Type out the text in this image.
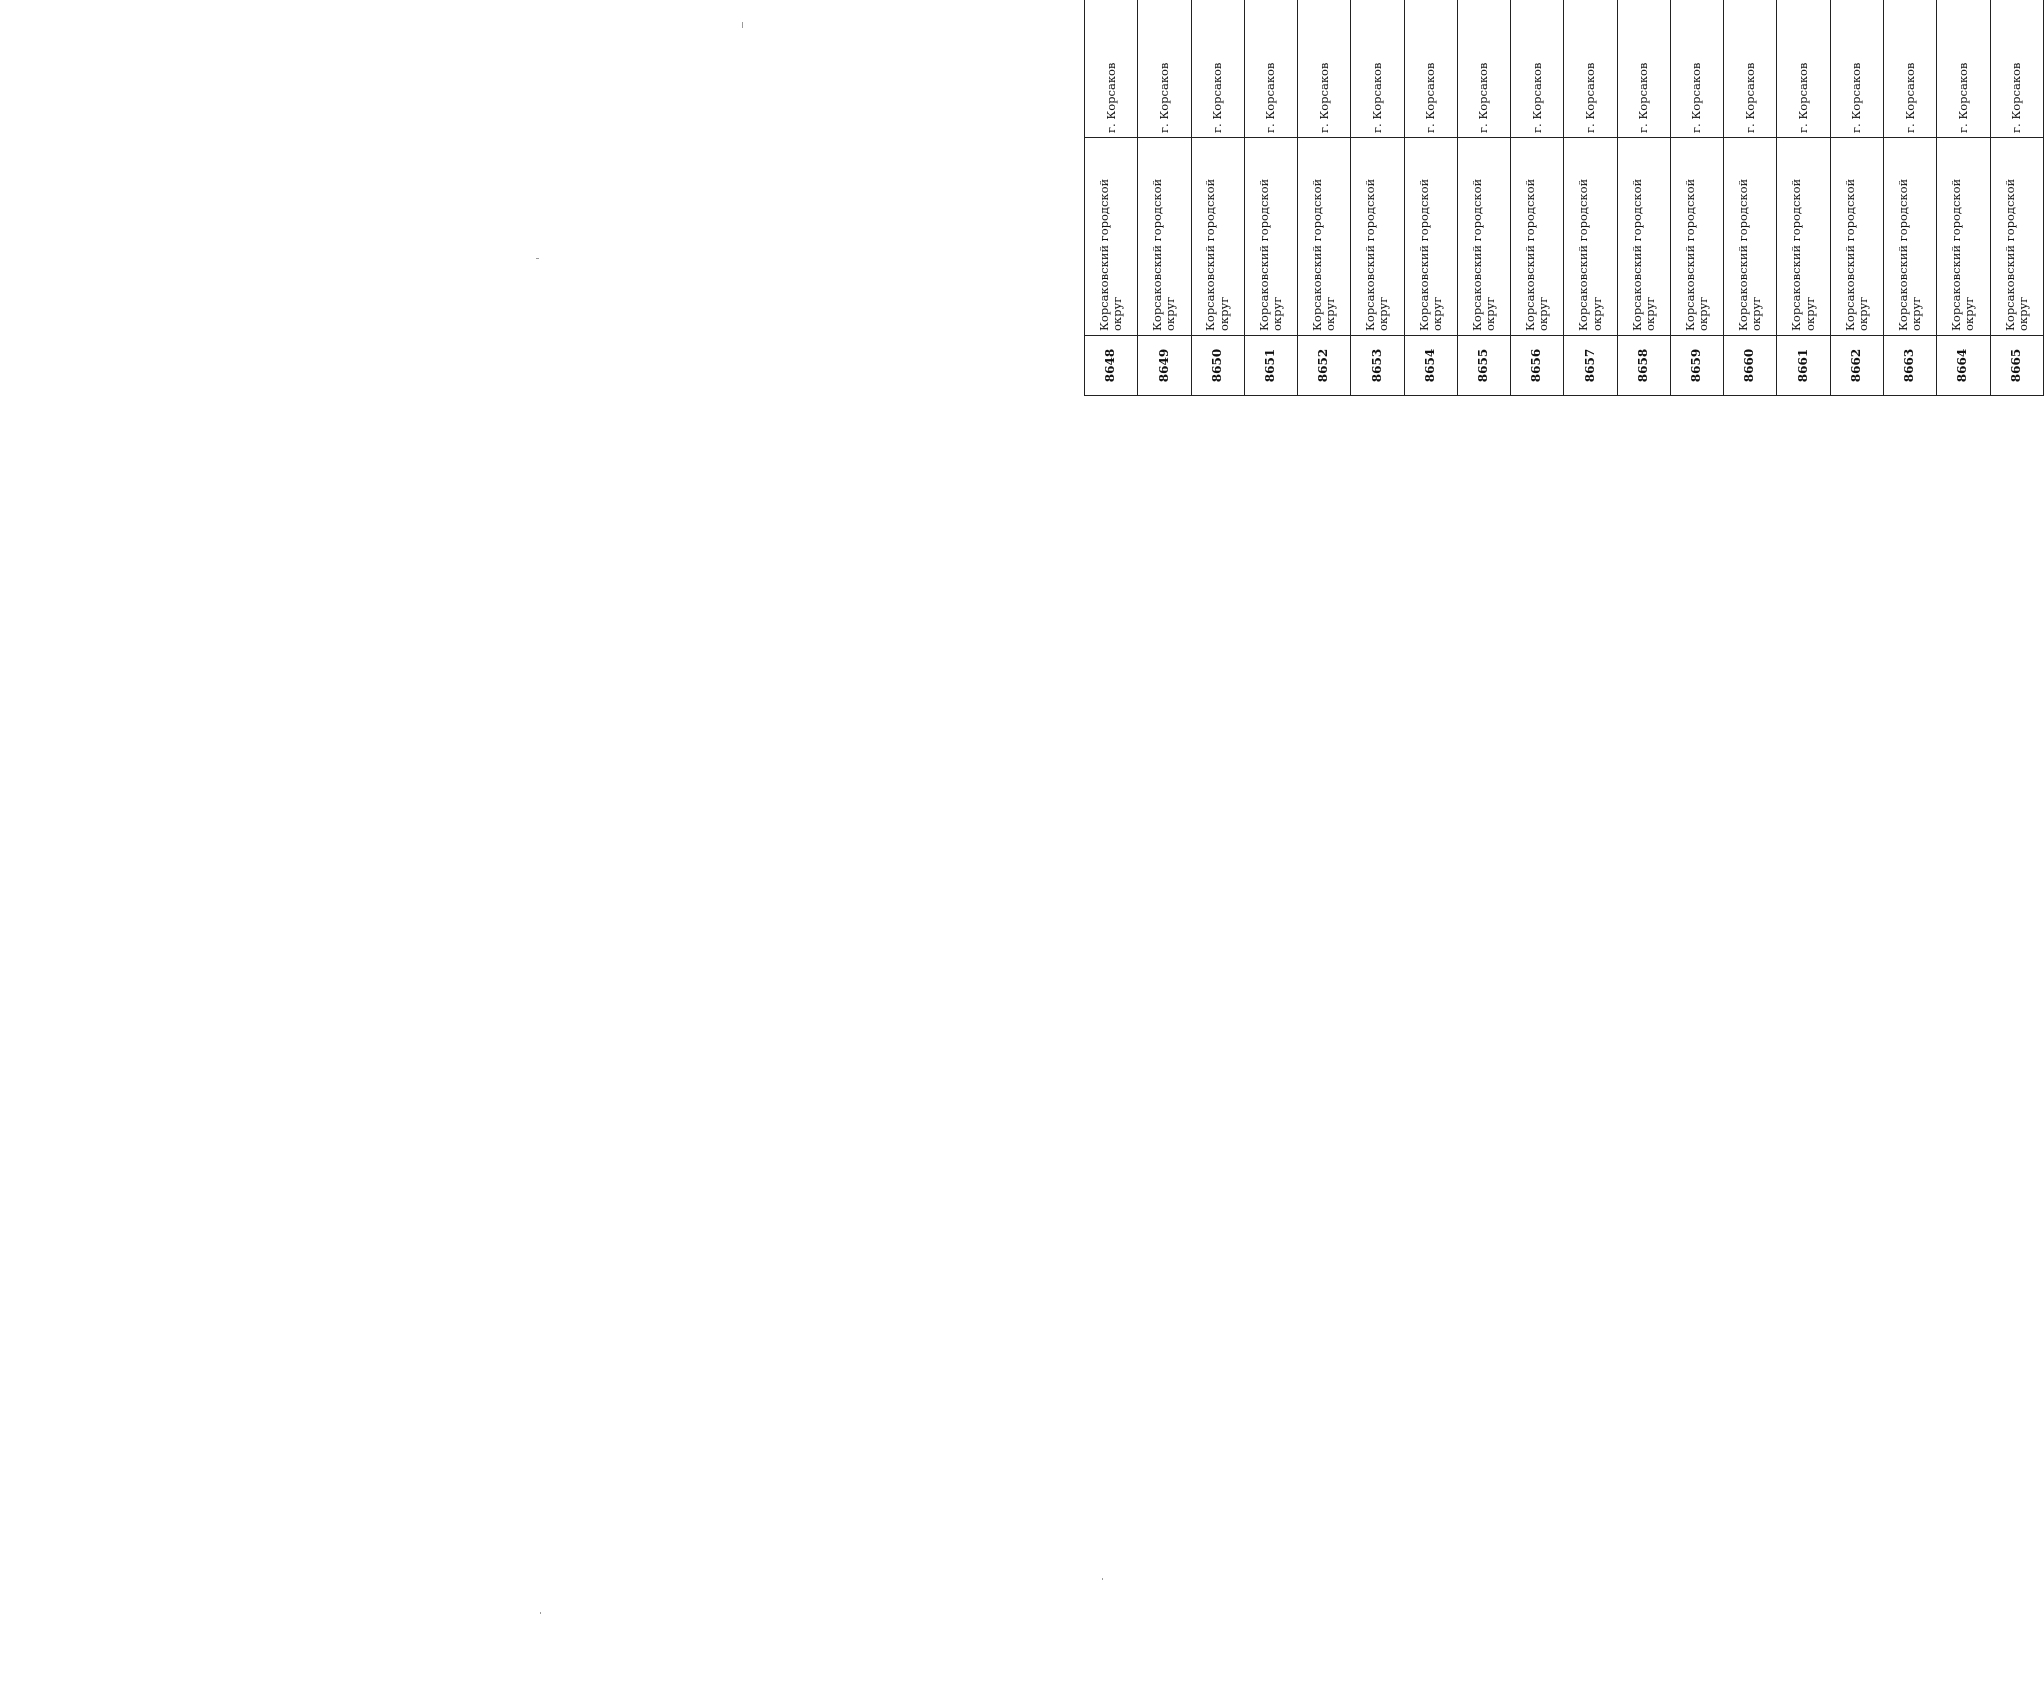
8648	Корсаковский городской округ	г. Корсаков					
8649	Корсаковский городской округ	г. Корсаков					
8650	Корсаковский городской округ	г. Корсаков					
8651	Корсаковский городской округ	г. Корсаков					
8652	Корсаковский городской округ	г. Корсаков					
8653	Корсаковский городской округ	г. Корсаков					
8654	Корсаковский городской округ	г. Корсаков					
8655	Корсаковский городской округ	г. Корсаков					
8656	Корсаковский городской округ	г. Корсаков					
8657	Корсаковский городской округ	г. Корсаков					
8658	Корсаковский городской округ	г. Корсаков					
8659	Корсаковский городской округ	г. Корсаков					
8660	Корсаковский городской округ	г. Корсаков					
8661	Корсаковский городской округ	г. Корсаков					
8662	Корсаковский городской округ	г. Корсаков					
8663	Корсаковский городской округ	г. Корсаков					
8664	Корсаковский городской округ	г. Корсаков					
8665	Корсаковский городской округ	г. Корсаков					
